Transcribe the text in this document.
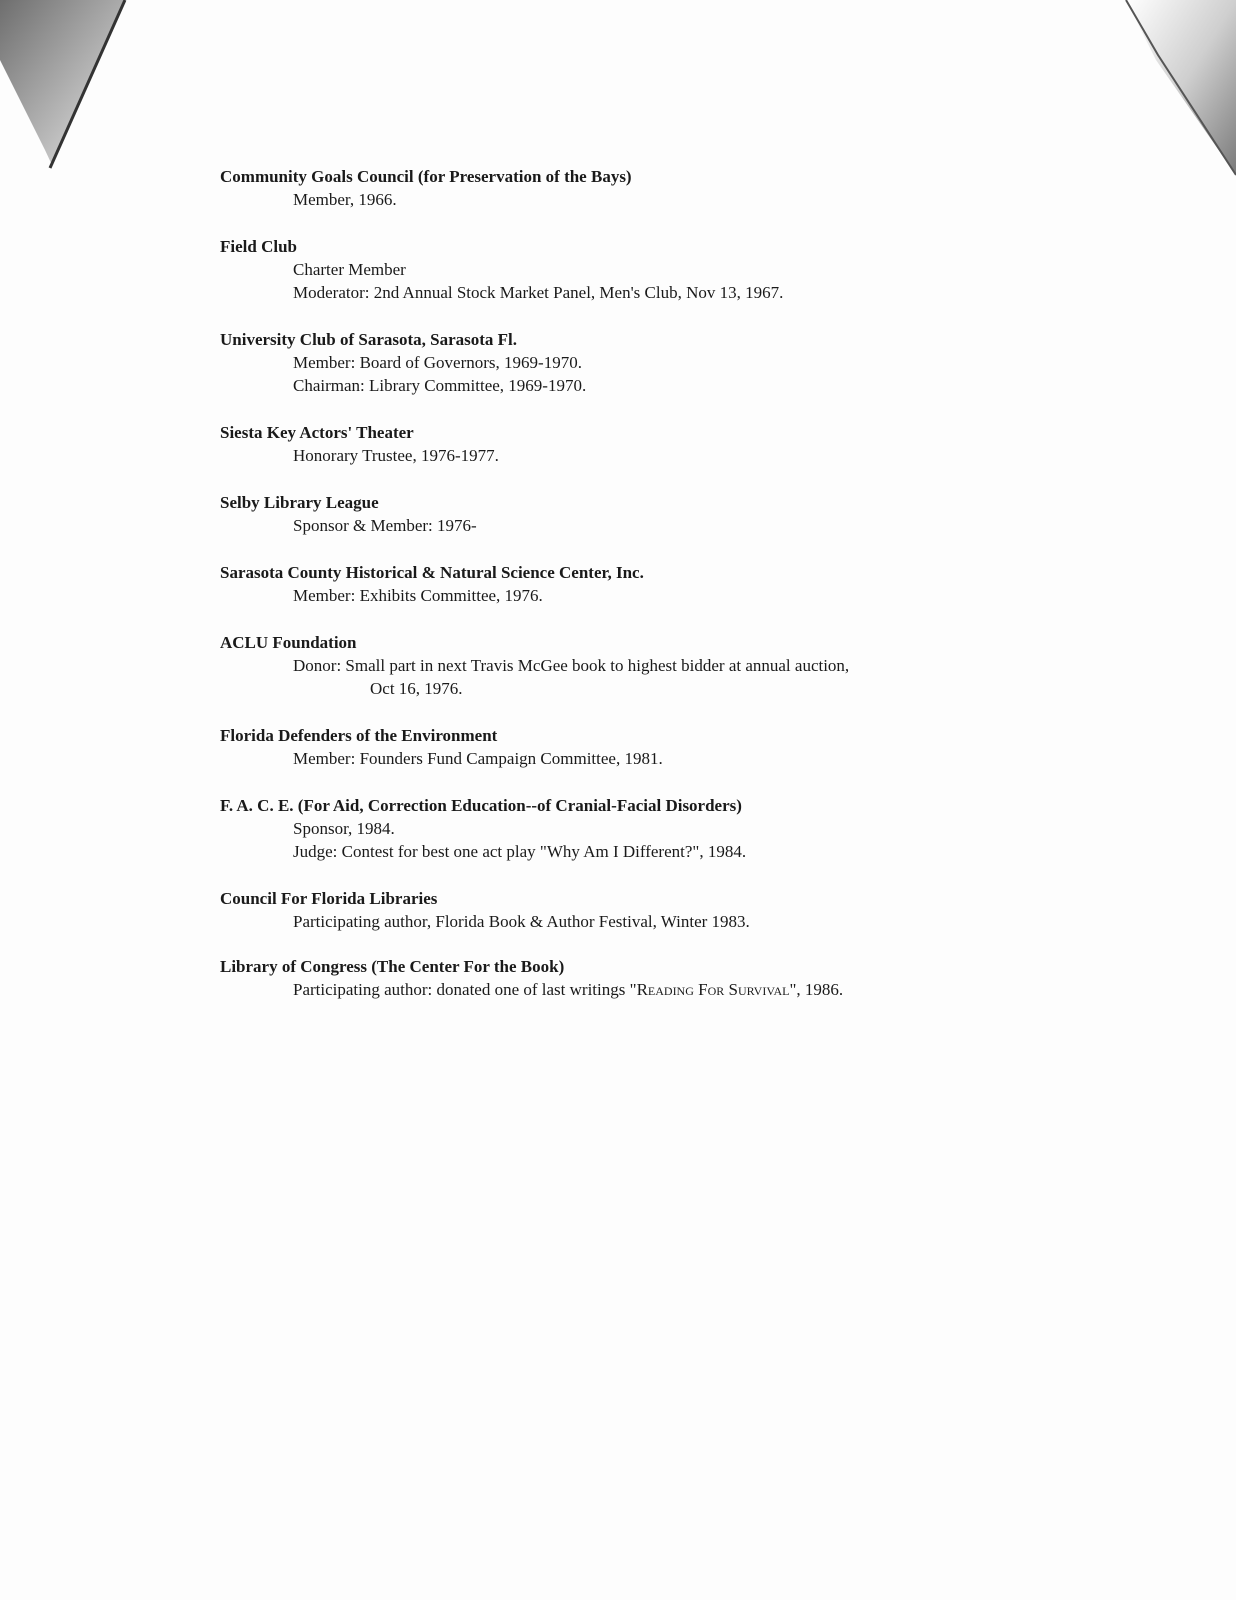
Community Goals Council (for Preservation of the Bays)
Member, 1966.
Field Club
Charter Member
Moderator: 2nd Annual Stock Market Panel, Men's Club, Nov 13, 1967.
University Club of Sarasota, Sarasota Fl.
Member: Board of Governors, 1969-1970.
Chairman: Library Committee, 1969-1970.
Siesta Key Actors' Theater
Honorary Trustee, 1976-1977.
Selby Library League
Sponsor & Member: 1976-
Sarasota County Historical & Natural Science Center, Inc.
Member: Exhibits Committee, 1976.
ACLU Foundation
Donor: Small part in next Travis McGee book to highest bidder at annual auction,
Oct 16, 1976.
Florida Defenders of the Environment
Member: Founders Fund Campaign Committee, 1981.
F. A. C. E. (For Aid, Correction Education--of Cranial-Facial Disorders)
Sponsor, 1984.
Judge: Contest for best one act play "Why Am I Different?", 1984.
Council For Florida Libraries
Participating author, Florida Book & Author Festival, Winter 1983.
Library of Congress (The Center For the Book)
Participating author: donated one of last writings "Reading For Survival", 1986.
